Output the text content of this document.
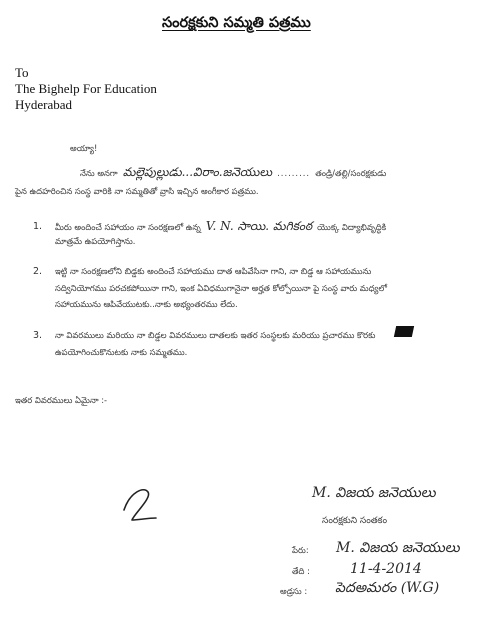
సంరక్షకుని సమ్మతి పత్రము
To
The Bighelp For Education
Hyderabad
అయ్యా!
నేను అనగా మల్లెపుల్లుడు...విరాం.జనెయులు ......... తండ్రి/తల్లి/సంరక్షకుడు
పైన ఉదహరించిన సంస్థ వారికి నా సమ్మతితో వ్రాసి ఇచ్చిన అంగీకార పత్రము.
1. మీరు అందించే సహాయం నా సంరక్షణలో ఉన్న V. N. సాయి. మగికంఠ యొక్క విద్యాభివృద్ధికి
మాత్రమే ఉపయోగిస్తాను.
2. ఇట్టి నా సంరక్షణలోని బిడ్డకు అందించే సహాయము దాత ఆపివేసినా గాని, నా బిడ్డ ఆ సహాయమును
సద్వినియోగము పరచకపోయినా గాని, ఇంక ఏవిధముగానైనా అర్హత కోల్పోయినా పై సంస్థ వారు మధ్యలో
సహాయమును ఆపివేయుటకు..నాకు అభ్యంతరము లేదు.
3. నా వివరములు మరియు నా బిడ్డల వివరములు దాతలకు ఇతర సంస్థలకు మరియు ప్రచారము కొరకు
ఉపయోగించుకొనుటకు నాకు సమ్మతము.
ఇతర వివరములు ఏమైనా :-
M. విజయ జనెయులు
సంరక్షకుని సంతకం
పేరు: M. విజయ జనెయులు
తేది :	11-4-2014
అడ్రసు : పెదఅమరం (W.G)
